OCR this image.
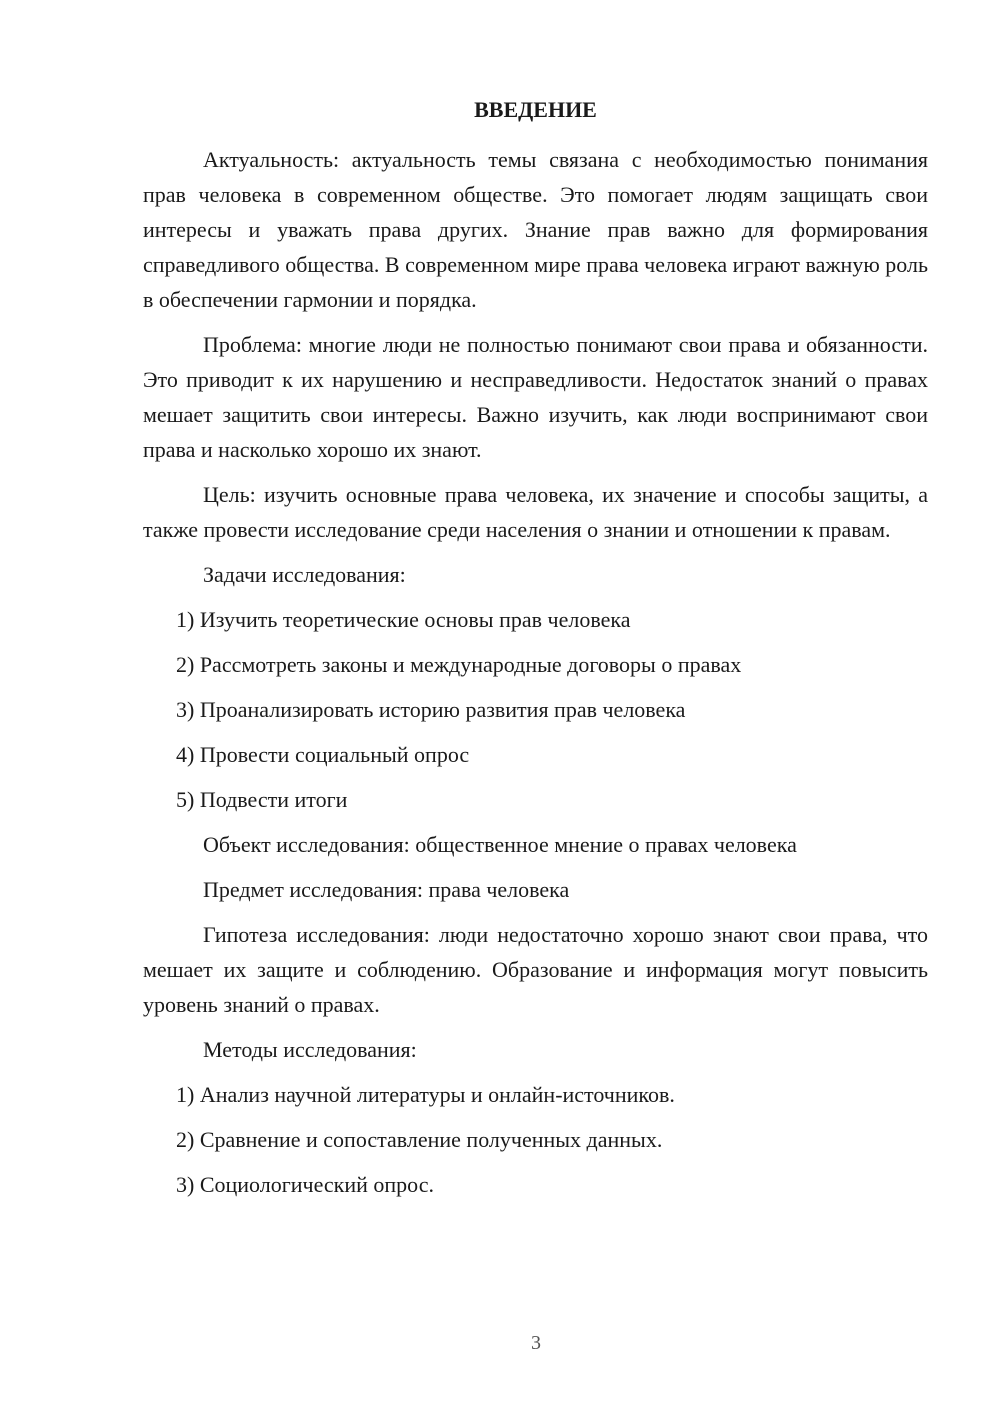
ВВЕДЕНИЕ

Актуальность: актуальность темы связана с необходимостью понимания прав человека в современном обществе. Это помогает людям защищать свои интересы и уважать права других. Знание прав важно для формирования справедливого общества. В современном мире права человека играют важную роль в обеспечении гармонии и порядка.

Проблема: многие люди не полностью понимают свои права и обязанности. Это приводит к их нарушению и несправедливости. Недостаток знаний о правах мешает защитить свои интересы. Важно изучить, как люди воспринимают свои права и насколько хорошо их знают.

Цель: изучить основные права человека, их значение и способы защиты, а также провести исследование среди населения о знании и отношении к правам.

Задачи исследования:

1) Изучить теоретические основы прав человека

2) Рассмотреть законы и международные договоры о правах

3) Проанализировать историю развития прав человека

4) Провести социальный опрос

5) Подвести итоги

Объект исследования: общественное мнение о правах человека

Предмет исследования: права человека

Гипотеза исследования: люди недостаточно хорошо знают свои права, что мешает их защите и соблюдению. Образование и информация могут повысить уровень знаний о правах.

Методы исследования:

1) Анализ научной литературы и онлайн-источников.

2) Сравнение и сопоставление полученных данных.

3) Социологический опрос.

3
